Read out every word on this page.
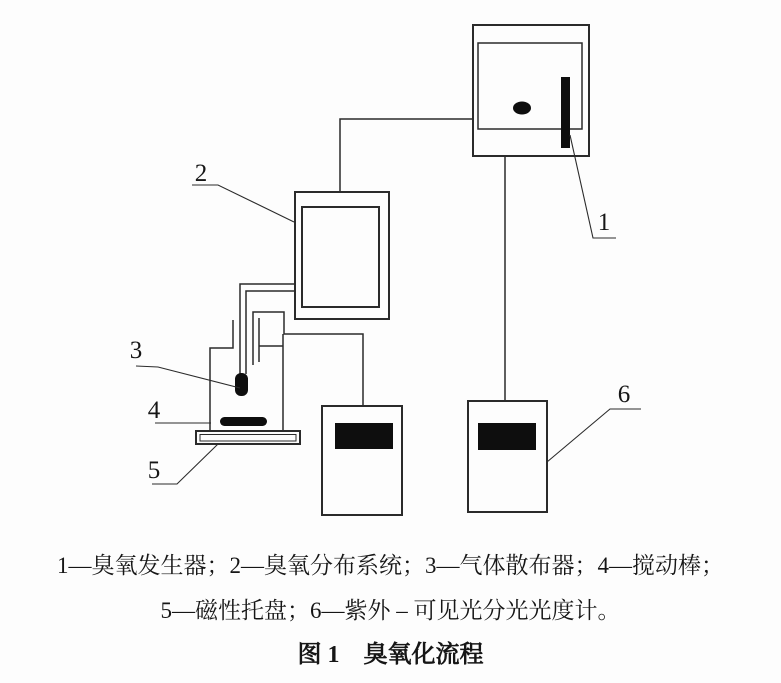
1
2
3
4
5
6
1—臭氧发生器；2—臭氧分布系统；3—气体散布器；4—搅动棒；
5—磁性托盘；6—紫外 – 可见光分光光度计。
图 1　臭氧化流程
